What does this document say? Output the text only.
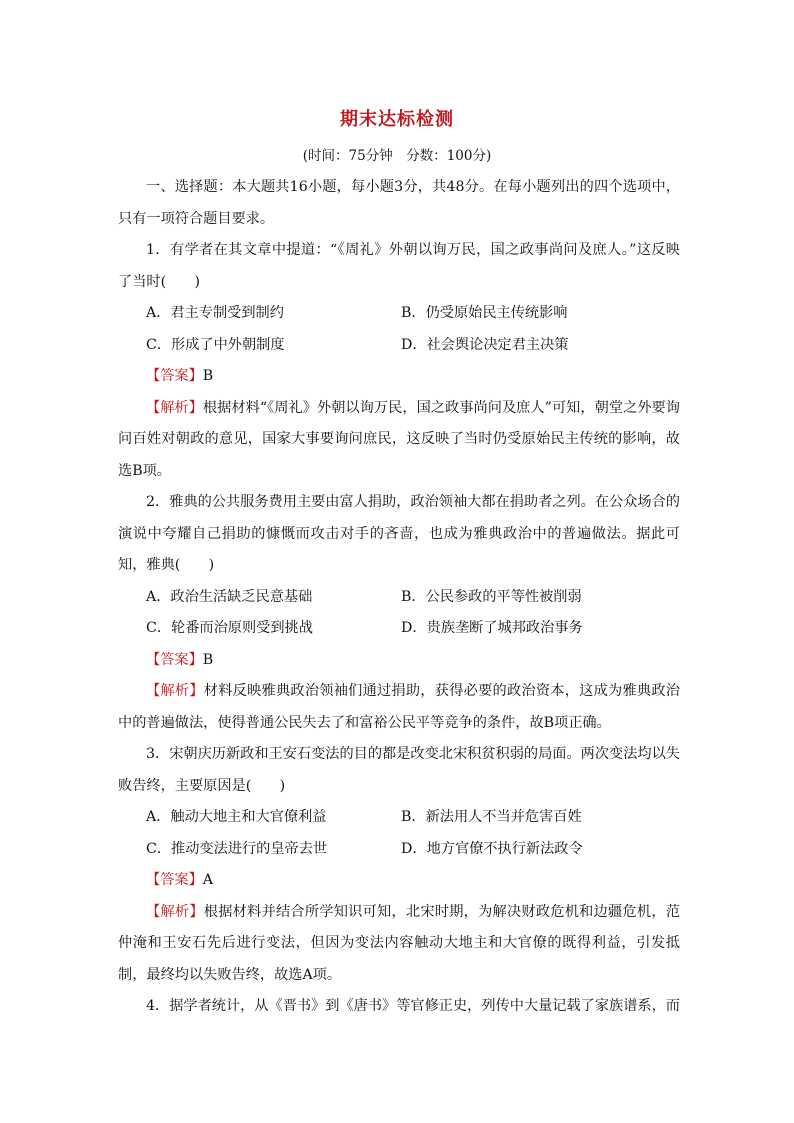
期末达标检测
(时间：75分钟　分数：100分)

一、选择题：本大题共16小题，每小题3分，共48分。在每小题列出的四个选项中，只有一项符合题目要求。

1．有学者在其文章中提道：“《周礼》外朝以询万民，国之政事尚问及庶人。”这反映了当时(　　)

A．君主专制受到制约	B．仍受原始民主传统影响
C．形成了中外朝制度	D．社会舆论决定君主决策
【答案】B

【解析】根据材料“《周礼》外朝以询万民，国之政事尚问及庶人”可知，朝堂之外要询问百姓对朝政的意见，国家大事要询问庶民，这反映了当时仍受原始民主传统的影响，故选B项。

2．雅典的公共服务费用主要由富人捐助，政治领袖大都在捐助者之列。在公众场合的演说中夸耀自己捐助的慷慨而攻击对手的吝啬，也成为雅典政治中的普遍做法。据此可知，雅典(　　)

A．政治生活缺乏民意基础	B．公民参政的平等性被削弱
C．轮番而治原则受到挑战	D．贵族垄断了城邦政治事务
【答案】B

【解析】材料反映雅典政治领袖们通过捐助，获得必要的政治资本，这成为雅典政治中的普遍做法，使得普通公民失去了和富裕公民平等竞争的条件，故B项正确。

3．宋朝庆历新政和王安石变法的目的都是改变北宋积贫积弱的局面。两次变法均以失败告终，主要原因是(　　)

A．触动大地主和大官僚利益	B．新法用人不当并危害百姓
C．推动变法进行的皇帝去世	D．地方官僚不执行新法政令
【答案】A

【解析】根据材料并结合所学知识可知，北宋时期，为解决财政危机和边疆危机，范仲淹和王安石先后进行变法，但因为变法内容触动大地主和大官僚的既得利益，引发抵制，最终均以失败告终，故选A项。

4．据学者统计，从《晋书》到《唐书》等官修正史，列传中大量记载了家族谱系，而
